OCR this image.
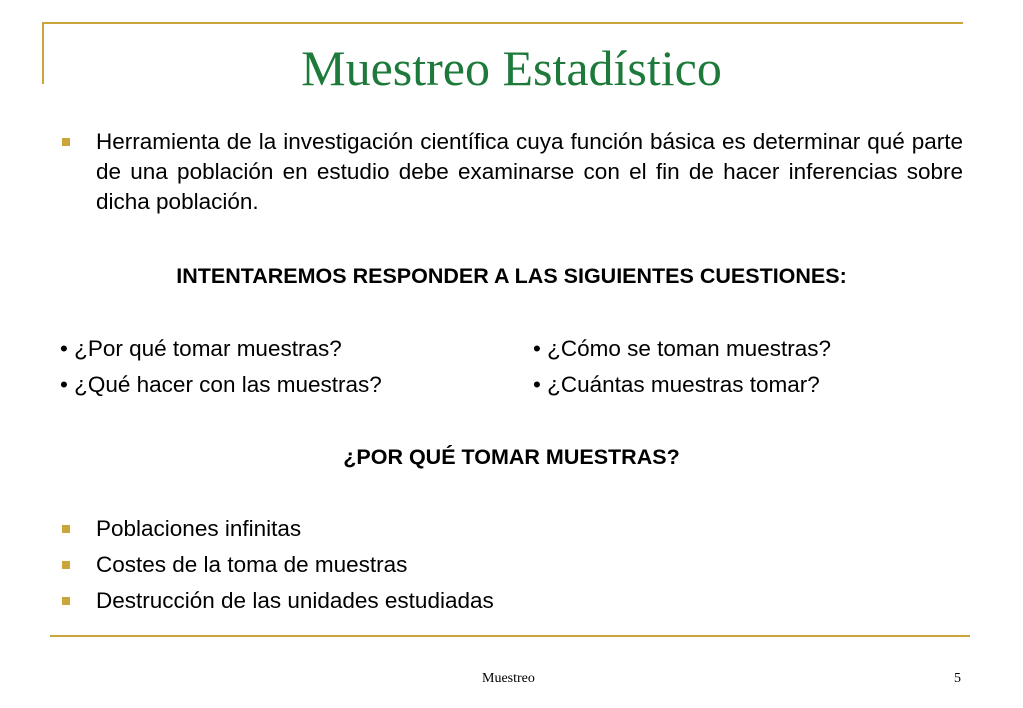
Muestreo Estadístico
Herramienta de la investigación científica cuya función básica es determinar qué parte de una población en estudio debe examinarse con el fin de hacer inferencias sobre dicha población.
INTENTAREMOS RESPONDER A LAS SIGUIENTES CUESTIONES:
• ¿Por qué tomar muestras?
• ¿Qué hacer con las muestras?
• ¿Cómo se toman muestras?
• ¿Cuántas muestras tomar?
¿POR QUÉ TOMAR MUESTRAS?
Poblaciones infinitas
Costes de la toma de muestras
Destrucción de las unidades estudiadas
Muestreo	5
